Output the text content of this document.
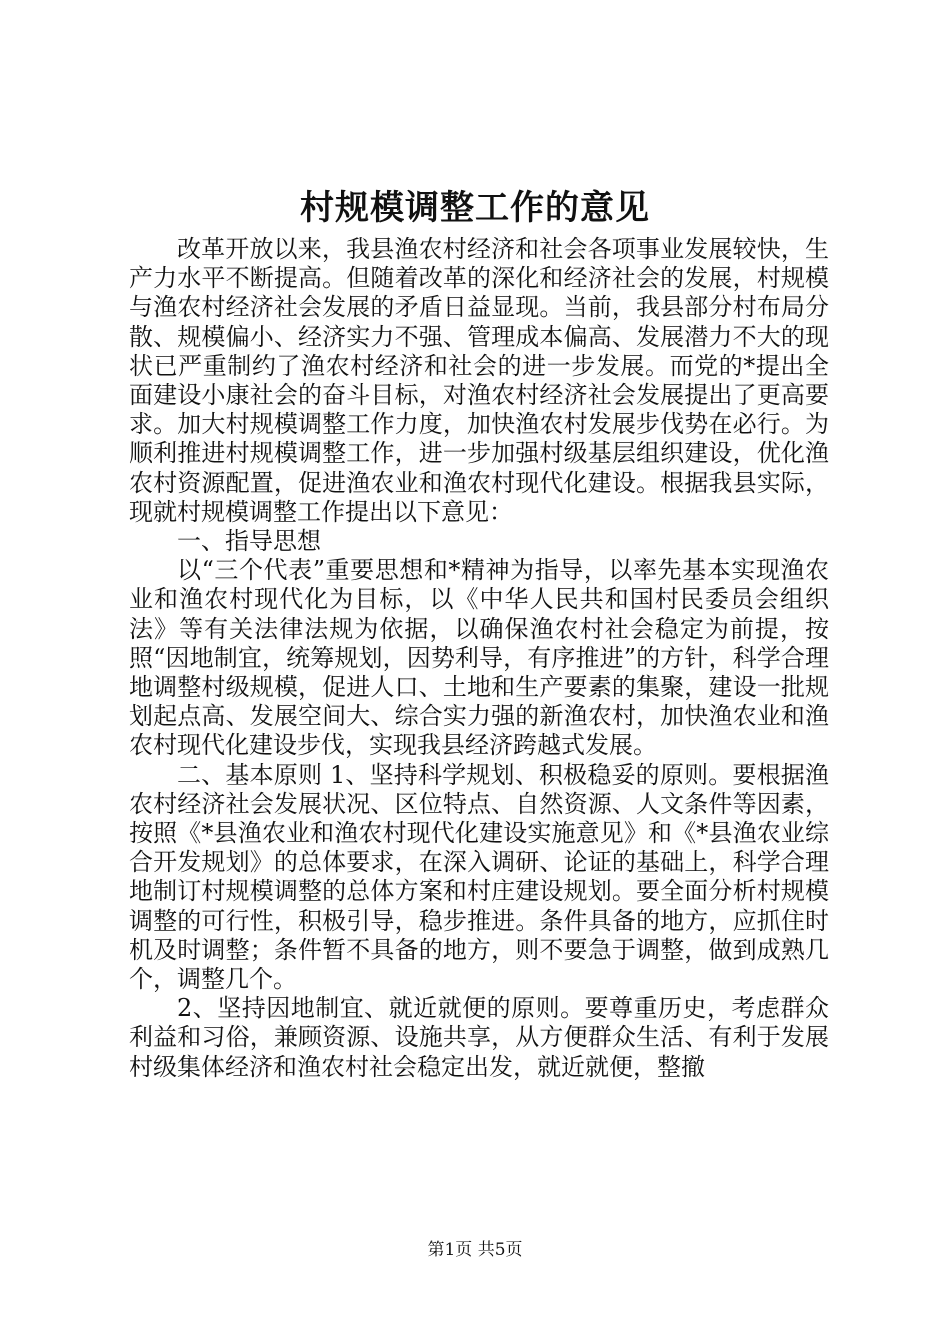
村规模调整工作的意见

改革开放以来，我县渔农村经济和社会各项事业发展较快，生产力水平不断提高。但随着改革的深化和经济社会的发展，村规模与渔农村经济社会发展的矛盾日益显现。当前，我县部分村布局分散、规模偏小、经济实力不强、管理成本偏高、发展潜力不大的现状已严重制约了渔农村经济和社会的进一步发展。而党的*提出全面建设小康社会的奋斗目标，对渔农村经济社会发展提出了更高要求。加大村规模调整工作力度，加快渔农村发展步伐势在必行。为顺利推进村规模调整工作，进一步加强村级基层组织建设，优化渔农村资源配置，促进渔农业和渔农村现代化建设。根据我县实际，现就村规模调整工作提出以下意见：

一、指导思想

以“三个代表”重要思想和*精神为指导，以率先基本实现渔农业和渔农村现代化为目标，以《中华人民共和国村民委员会组织法》等有关法律法规为依据，以确保渔农村社会稳定为前提，按照“因地制宜，统筹规划，因势利导，有序推进”的方针，科学合理地调整村级规模，促进人口、土地和生产要素的集聚，建设一批规划起点高、发展空间大、综合实力强的新渔农村，加快渔农业和渔农村现代化建设步伐，实现我县经济跨越式发展。

二、基本原则 1、坚持科学规划、积极稳妥的原则。要根据渔农村经济社会发展状况、区位特点、自然资源、人文条件等因素，按照《*县渔农业和渔农村现代化建设实施意见》和《*县渔农业综合开发规划》的总体要求，在深入调研、论证的基础上，科学合理地制订村规模调整的总体方案和村庄建设规划。要全面分析村规模调整的可行性，积极引导，稳步推进。条件具备的地方，应抓住时机及时调整；条件暂不具备的地方，则不要急于调整，做到成熟几个，调整几个。

2、坚持因地制宜、就近就便的原则。要尊重历史，考虑群众利益和习俗，兼顾资源、设施共享，从方便群众生活、有利于发展村级集体经济和渔农村社会稳定出发，就近就便，整撤

第1页 共5页
